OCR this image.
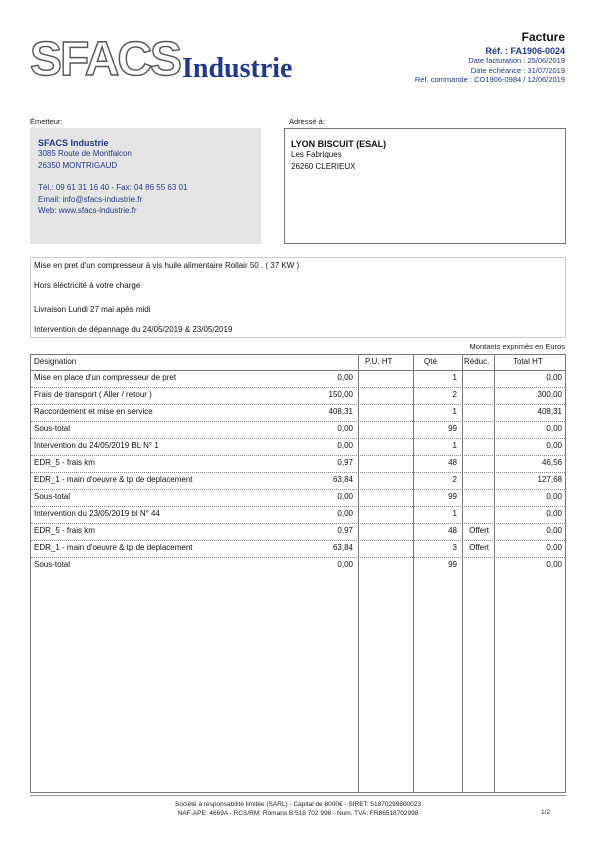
SFACS Industrie
Facture
Réf. : FA1906-0024
Date facturation : 25/06/2019
Date échéance : 31/07/2019
Réf. commande : CO1906-0984 / 12/06/2019
Émetteur:	Adressé à:
SFACS Industrie
3085 Route de Montfalcon
26350 MONTRIGAUD
Tél.: 09 61 31 16 40 - Fax: 04 86 55 63 01
Email: info@sfacs-industrie.fr
Web: www.sfacs-industrie.fr
LYON BISCUIT (ESAL)
Les Fabriques
26260 CLERIEUX
Mise en pret d'un compresseur à vis huile alimentaire Rollair 50 . ( 37 KW )
Hors éléctricité à votre charge
Livraison Lundi 27 mai apés midi
Intervention de dépannage du 24/05/2019 & 23/05/2019
Montants exprimés en Euros
Désignation	P.U. HT	Qté	Réduc.	Total HT
Mise en place d'un compresseur de pret	0,00	1	0,00
Frais de transport ( Aller / retour )	150,00	2	300,00
Raccordement et mise en service	408,31	1	408,31
Sous-total	0,00	99	0,00
Intervention du 24/05/2019 BL N° 1	0,00	1	0,00
EDR_5 - frais km	0,97	48	46,56
EDR_1 - main d'oeuvre & tp de deplacement	63,84	2	127,68
Sous-total	0,00	99	0,00
Intervention du 23/05/2019 bl N° 44	0,00	1	0,00
EDR_5 - frais km	0,97	48 Offert	0,00
EDR_1 - main d'oeuvre & tp de deplacement	63,84	3 Offert	0,00
Sous-total	0,00	99	0,00
Société à responsabilité limitée (SARL) - Capital de 8000€ - SIRET: 51870299800023
NAF-APE: 4669A - RCS/RM: Romans B 518 702 998 - Num. TVA: FR86518702998	1/2
